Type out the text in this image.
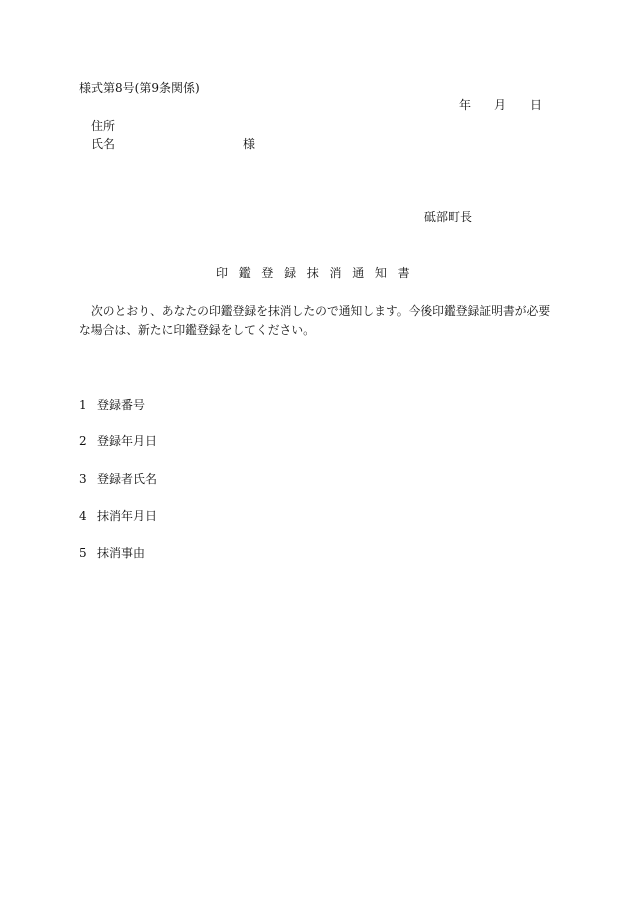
様式第8号(第9条関係)
年 月 日
住所
氏名	様
砥部町長
印鑑登録抹消通知書
次のとおり、あなたの印鑑登録を抹消したので通知します。今後印鑑登録証明書が必要
な場合は、新たに印鑑登録をしてください。
1 登録番号
2 登録年月日
3 登録者氏名
4 抹消年月日
5 抹消事由
